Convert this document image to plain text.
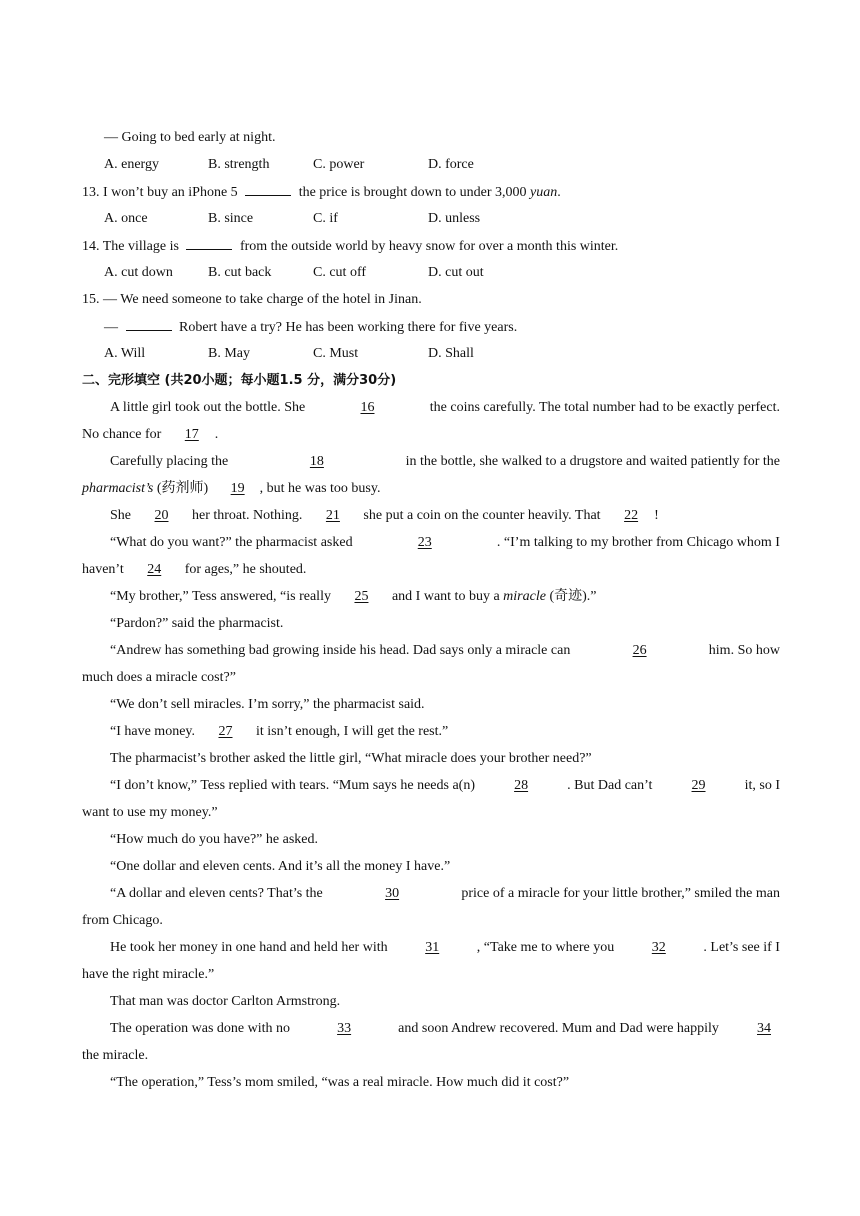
— Going to bed early at night.
A. energy	B. strength	C. power	D. force
13. I won’t buy an iPhone 5	the price is brought down to under 3,000 yuan.
A. once	B. since	C. if	D. unless
14. The village is	from the outside world by heavy snow for over a month this winter.
A. cut down	B. cut back	C. cut off	D. cut out
15. — We need someone to take charge of the hotel in Jinan.
—	Robert have a try? He has been working there for five years.
A. Will	B. May	C. Must	D. Shall
二、完形填空 (共20小题；每小题1.5 分，满分30分)
A little girl took out the bottle. She	16	the coins carefully. The total number had to be exactly perfect.
No chance for 17 .
Carefully placing the	18	in the bottle, she walked to a drugstore and waited patiently for the
pharmacist’s (药剂师) 19 , but he was too busy.
She 20 her throat. Nothing. 21 she put a coin on the counter heavily. That 22 !
“What do you want?” the pharmacist asked	23	. “I’m talking to my brother from Chicago whom I
haven’t 24 for ages,” he shouted.
“My brother,” Tess answered, “is really 25 and I want to buy a miracle (奇迹).”
“Pardon?” said the pharmacist.
“Andrew has something bad growing inside his head. Dad says only a miracle can	26	him. So how
much does a miracle cost?”
“We don’t sell miracles. I’m sorry,” the pharmacist said.
“I have money. 27 it isn’t enough, I will get the rest.”
The pharmacist’s brother asked the little girl, “What miracle does your brother need?”
“I don’t know,” Tess replied with tears. “Mum says he needs a(n)	28	. But Dad can’t	29	it, so I
want to use my money.”
“How much do you have?” he asked.
“One dollar and eleven cents. And it’s all the money I have.”
“A dollar and eleven cents? That’s the	30	price of a miracle for your little brother,” smiled the man
from Chicago.
He took her money in one hand and held her with	31	, “Take me to where you	32	. Let’s see if I
have the right miracle.”
That man was doctor Carlton Armstrong.
The operation was done with no	33	and soon Andrew recovered. Mum and Dad were happily	34
the miracle.
“The operation,” Tess’s mom smiled, “was a real miracle. How much did it cost?”
